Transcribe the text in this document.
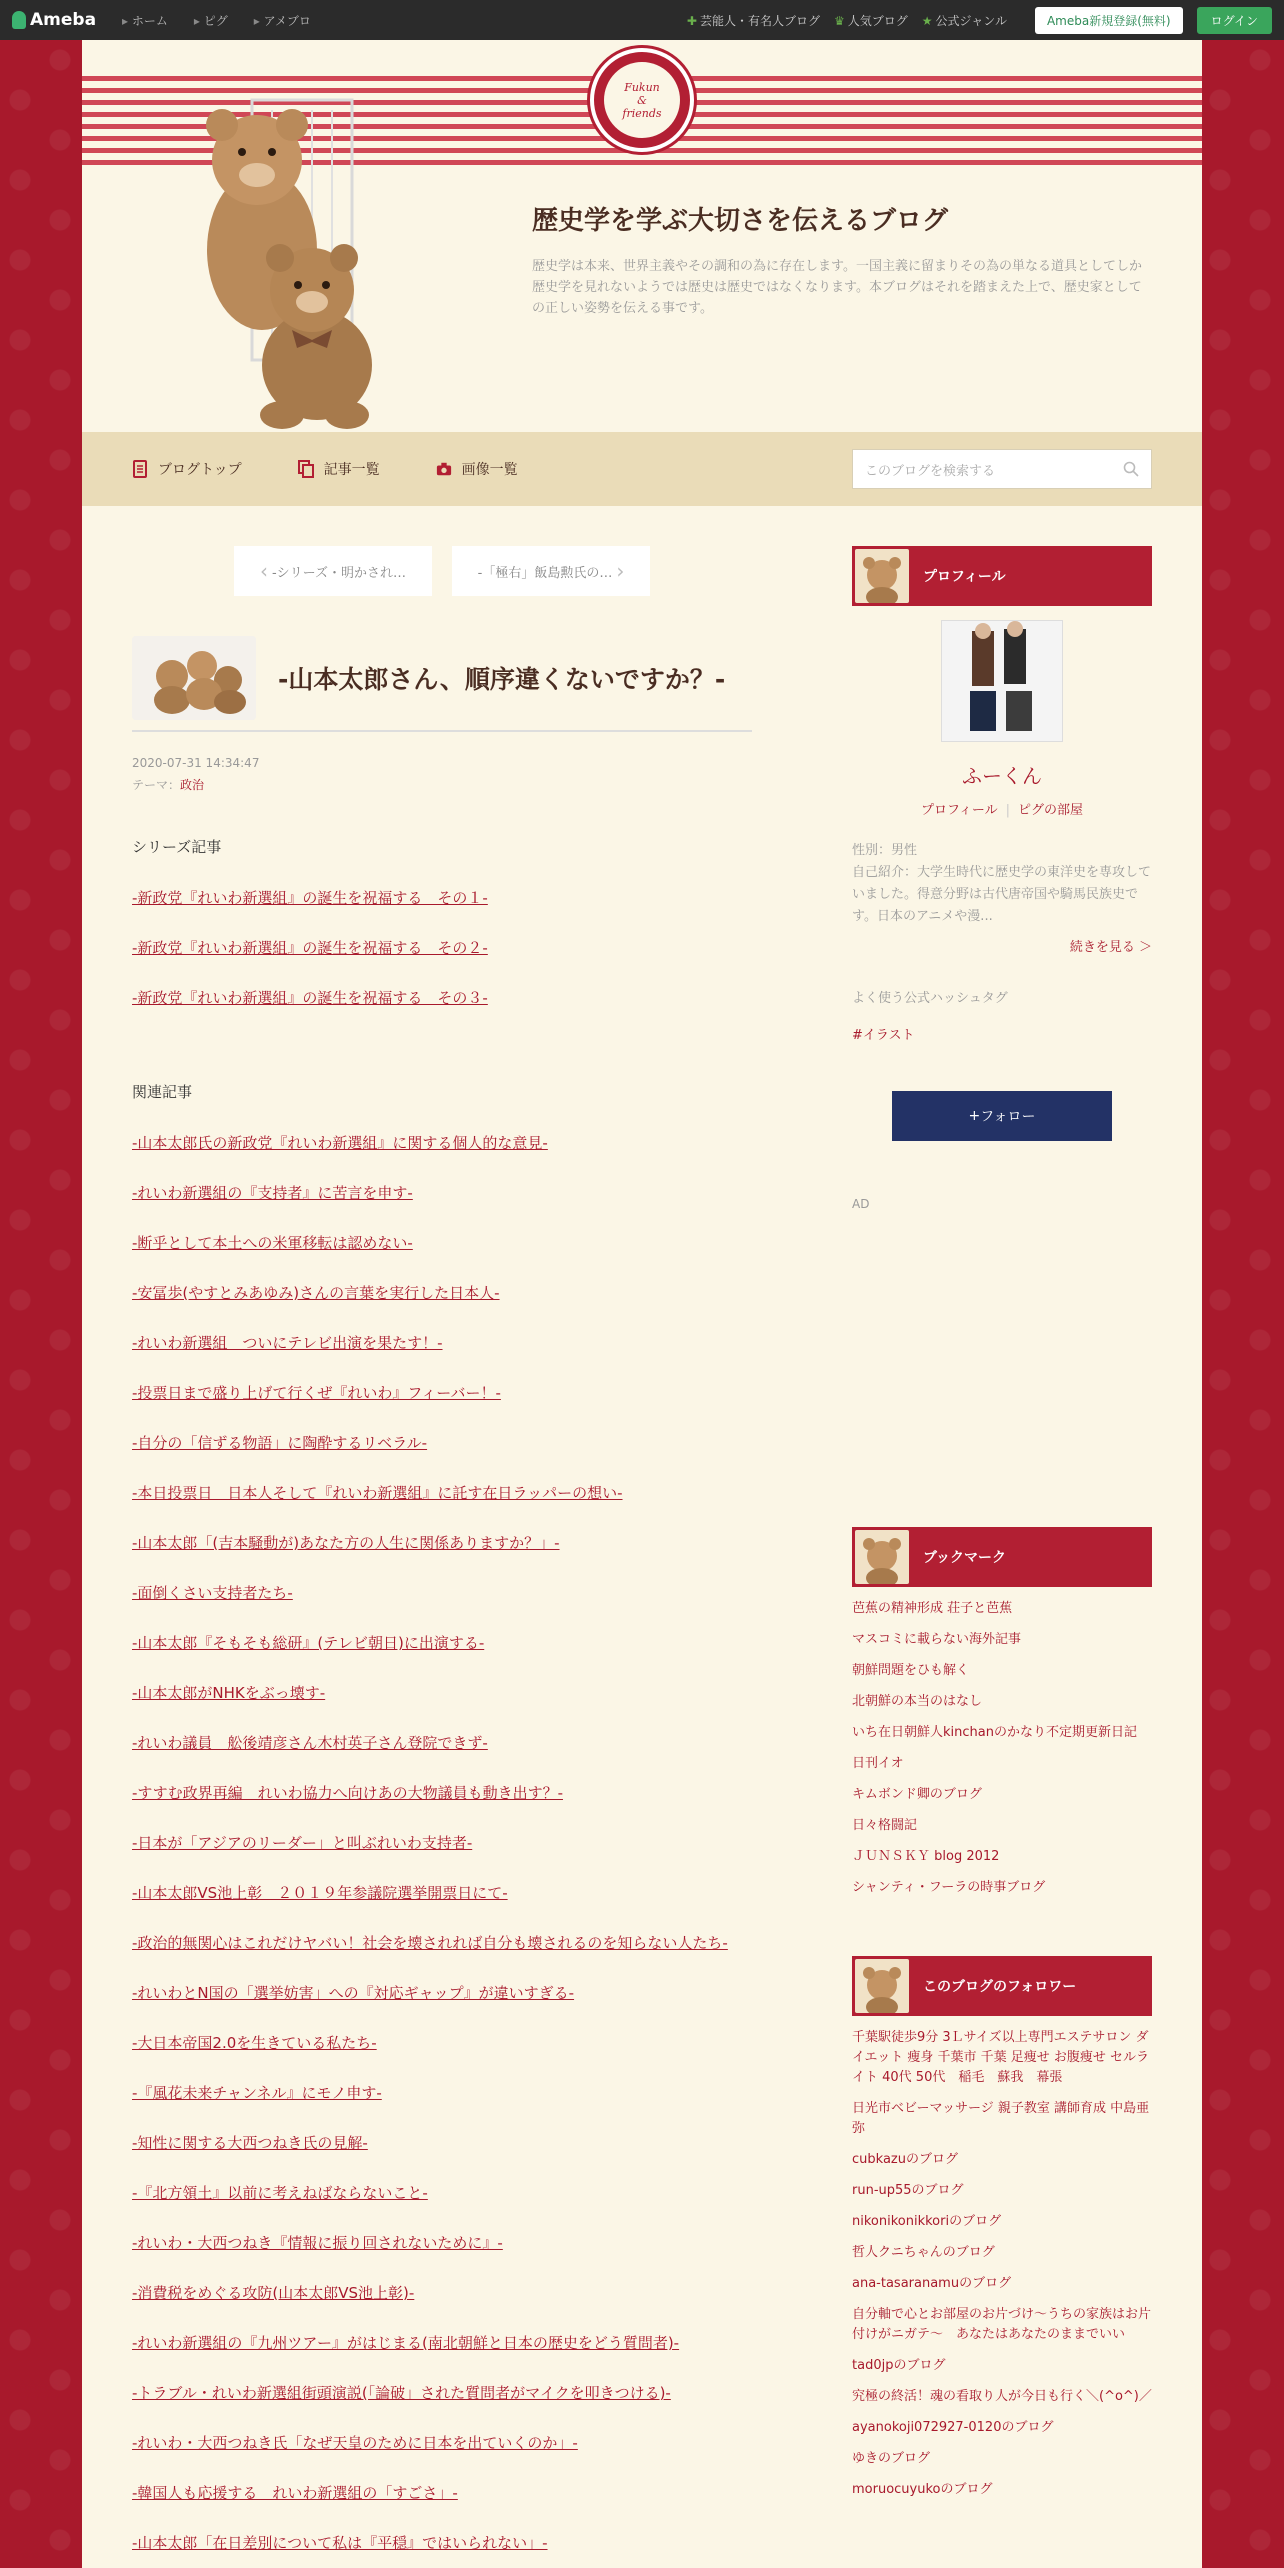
Ameba	▸ ホーム	▸ ピグ	▸ アメブロ	✚ 芸能人・有名人ブログ ♛ 人気ブログ ★ 公式ジャンル	Ameba新規登録(無料)	ログイン
Fukun
&
friends
歴史学を学ぶ大切さを伝えるブログ
歴史学は本来、世界主義やその調和の為に存在します。一国主義に留まりその為の単なる道具としてしか歴史学を見れないようでは歴史は歴史ではなくなります。本ブログはそれを踏まえた上で、歴史家としての正しい姿勢を伝える事です。
ブログトップ	記事一覧	画像一覧	このブログを検索する
‹ -シリーズ・明かされ…	-「極右」飯島勲氏の… ›
-山本太郎さん、順序違くないですか？-
2020-07-31 14:34:47
テーマ：政治
シリーズ記事
-新政党『れいわ新選組』の誕生を祝福する　その１-
-新政党『れいわ新選組』の誕生を祝福する　その２-
-新政党『れいわ新選組』の誕生を祝福する　その３-
関連記事
-山本太郎氏の新政党『れいわ新選組』に関する個人的な意見-
-れいわ新選組の『支持者』に苦言を申す-
-断乎として本土への米軍移転は認めない-
-安冨歩(やすとみあゆみ)さんの言葉を実行した日本人-
-れいわ新選組　ついにテレビ出演を果たす！-
-投票日まで盛り上げて行くぜ『れいわ』フィーバー！-
-自分の「信ずる物語」に陶酔するリベラル-
-本日投票日　日本人そして『れいわ新選組』に託す在日ラッパーの想い-
-山本太郎「(吉本騒動が)あなた方の人生に関係ありますか？」-
-面倒くさい支持者たち-
-山本太郎『そもそも総研』(テレビ朝日)に出演する-
-山本太郎がNHKをぶっ壊す-
-れいわ議員　舩後靖彦さん木村英子さん登院できず-
-すすむ政界再編　れいわ協力へ向けあの大物議員も動き出す？-
-日本が「アジアのリーダー」と叫ぶれいわ支持者-
-山本太郎VS池上彰　２０１９年参議院選挙開票日にて-
-政治的無関心はこれだけヤバい！社会を壊されれば自分も壊されるのを知らない人たち-
-れいわとN国の「選挙妨害」への『対応ギャップ』が違いすぎる-
-大日本帝国2.0を生きている私たち-
-『風花未来チャンネル』にモノ申す-
-知性に関する大西つねき氏の見解-
-『北方領土』以前に考えねばならないこと-
-れいわ・大西つねき『情報に振り回されないために』-
-消費税をめぐる攻防(山本太郎VS池上彰)-
-れいわ新選組の『九州ツアー』がはじまる(南北朝鮮と日本の歴史をどう質問者)-
-トラブル・れいわ新選組街頭演説(「論破」された質問者がマイクを叩きつける)-
-れいわ・大西つねき氏「なぜ天皇のために日本を出ていくのか」-
-韓国人も応援する　れいわ新選組の「すごさ」-
-山本太郎「在日差別について私は『平穏』ではいられない」-
プロフィール
ふーくん
プロフィール | ピグの部屋
性別：男性
自己紹介：大学生時代に歴史学の東洋史を専攻していました。得意分野は古代唐帝国や騎馬民族史です。日本のアニメや漫...
続きを見る ＞
よく使う公式ハッシュタグ
#イラスト
+ フォロー
AD
ブックマーク
芭蕉の精神形成 荘子と芭蕉
マスコミに載らない海外記事
朝鮮問題をひも解く
北朝鮮の本当のはなし
いち在日朝鮮人kinchanのかなり不定期更新日記
日刊イオ
キムボンド卿のブログ
日々格闘記
ＪＵＮＳＫＹ blog 2012
シャンティ・フーラの時事ブログ
このブログのフォロワー
千葉駅徒歩9分 3Ｌサイズ以上専門エステサロン ダイエット 痩身 千葉市 千葉 足痩せ お腹痩せ セルライト 40代 50代　稲毛　蘇我　幕張
日光市ベビーマッサージ 親子教室 講師育成 中島亜弥
cubkazuのブログ
run-up55のブログ
nikonikonikkoriのブログ
哲人クニちゃんのブログ
ana-tasaranamuのブログ
自分軸で心とお部屋のお片づけ～うちの家族はお片付けがニガテ～　あなたはあなたのままでいい
tad0jpのブログ
究極の終活！魂の看取り人が今日も行く＼(^o^)／
ayanokoji072927-0120のブログ
ゆきのブログ
moruocuyukoのブログ
